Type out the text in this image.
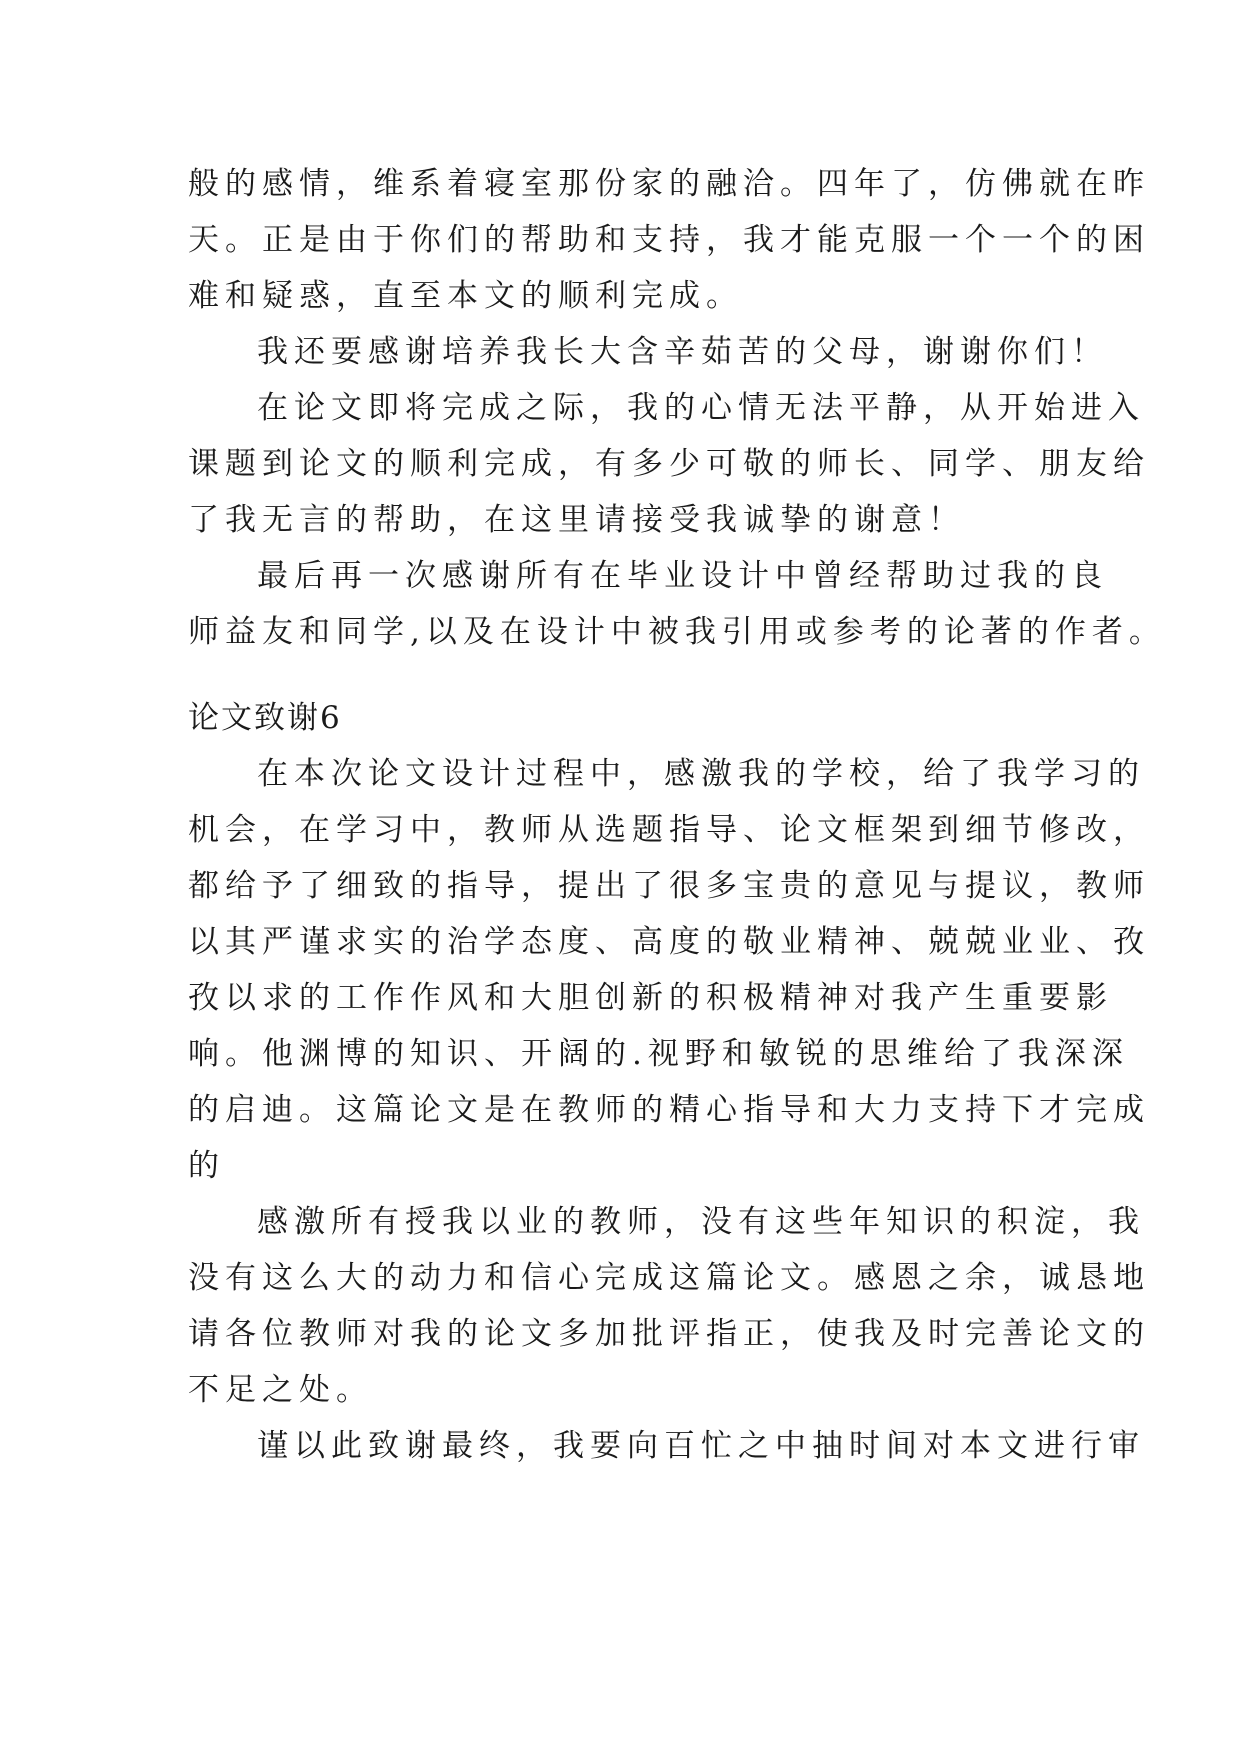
般的感情，维系着寝室那份家的融洽。四年了，仿佛就在昨
天。正是由于你们的帮助和支持，我才能克服一个一个的困
难和疑惑，直至本文的顺利完成。
我还要感谢培养我长大含辛茹苦的父母，谢谢你们！
在论文即将完成之际，我的心情无法平静，从开始进入
课题到论文的顺利完成，有多少可敬的师长、同学、朋友给
了我无言的帮助，在这里请接受我诚挚的谢意！
最后再一次感谢所有在毕业设计中曾经帮助过我的良
师益友和同学,以及在设计中被我引用或参考的论著的作者。
论文致谢6
在本次论文设计过程中，感激我的学校，给了我学习的
机会，在学习中，教师从选题指导、论文框架到细节修改，
都给予了细致的指导，提出了很多宝贵的意见与提议，教师
以其严谨求实的治学态度、高度的敬业精神、兢兢业业、孜
孜以求的工作作风和大胆创新的积极精神对我产生重要影
响。他渊博的知识、开阔的.视野和敏锐的思维给了我深深
的启迪。这篇论文是在教师的精心指导和大力支持下才完成
的
感激所有授我以业的教师，没有这些年知识的积淀，我
没有这么大的动力和信心完成这篇论文。感恩之余，诚恳地
请各位教师对我的论文多加批评指正，使我及时完善论文的
不足之处。
谨以此致谢最终，我要向百忙之中抽时间对本文进行审
